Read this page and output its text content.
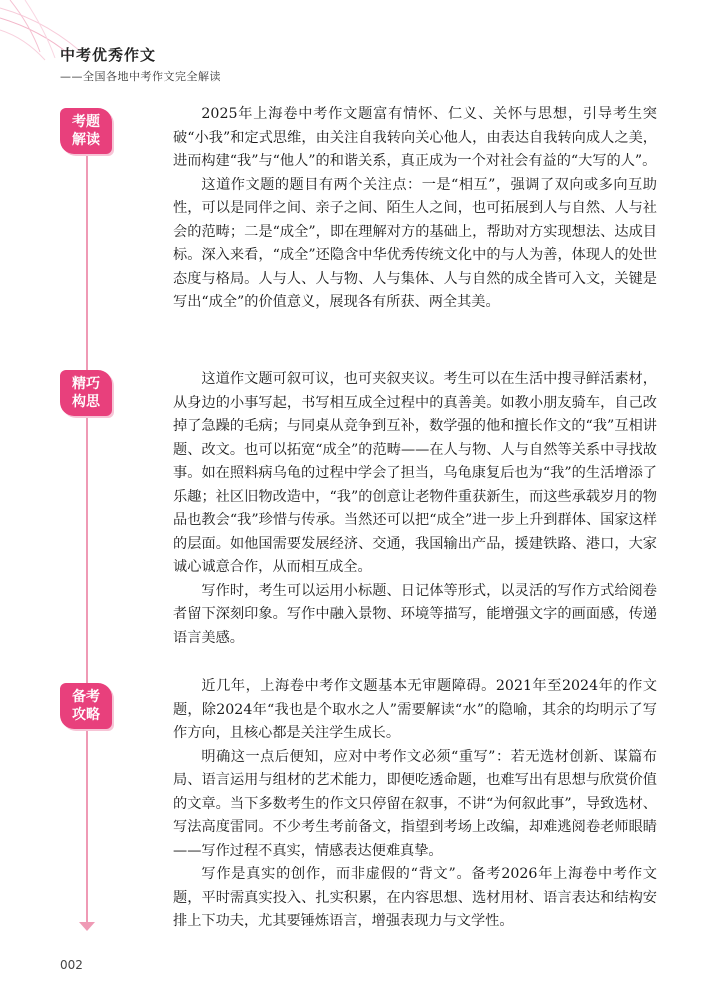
中考优秀作文
——全国各地中考作文完全解读
考题
解读

2025年上海卷中考作文题富有情怀、仁义、关怀与思想，引导考生突破“小我”和定式思维，由关注自我转向关心他人，由表达自我转向成人之美，进而构建“我”与“他人”的和谐关系，真正成为一个对社会有益的“大写的人”。

这道作文题的题目有两个关注点：一是“相互”，强调了双向或多向互助性，可以是同伴之间、亲子之间、陌生人之间，也可拓展到人与自然、人与社会的范畴；二是“成全”，即在理解对方的基础上，帮助对方实现想法、达成目标。深入来看，“成全”还隐含中华优秀传统文化中的与人为善，体现人的处世态度与格局。人与人、人与物、人与集体、人与自然的成全皆可入文，关键是写出“成全”的价值意义，展现各有所获、两全其美。

精巧
构思

这道作文题可叙可议，也可夹叙夹议。考生可以在生活中搜寻鲜活素材，从身边的小事写起，书写相互成全过程中的真善美。如教小朋友骑车，自己改掉了急躁的毛病；与同桌从竞争到互补，数学强的他和擅长作文的“我”互相讲题、改文。也可以拓宽“成全”的范畴——在人与物、人与自然等关系中寻找故事。如在照料病乌龟的过程中学会了担当，乌龟康复后也为“我”的生活增添了乐趣；社区旧物改造中，“我”的创意让老物件重获新生，而这些承载岁月的物品也教会“我”珍惜与传承。当然还可以把“成全”进一步上升到群体、国家这样的层面。如他国需要发展经济、交通，我国输出产品，援建铁路、港口，大家诚心诚意合作，从而相互成全。

写作时，考生可以运用小标题、日记体等形式，以灵活的写作方式给阅卷者留下深刻印象。写作中融入景物、环境等描写，能增强文字的画面感，传递语言美感。

备考
攻略

近几年，上海卷中考作文题基本无审题障碍。2021年至2024年的作文题，除2024年“我也是个取水之人”需要解读“水”的隐喻，其余的均明示了写作方向，且核心都是关注学生成长。

明确这一点后便知，应对中考作文必须“重写”：若无选材创新、谋篇布局、语言运用与组材的艺术能力，即便吃透命题，也难写出有思想与欣赏价值的文章。当下多数考生的作文只停留在叙事，不讲“为何叙此事”，导致选材、写法高度雷同。不少考生考前备文，指望到考场上改编，却难逃阅卷老师眼睛——写作过程不真实，情感表达便难真挚。

写作是真实的创作，而非虚假的“背文”。备考2026年上海卷中考作文题，平时需真实投入、扎实积累，在内容思想、选材用材、语言表达和结构安排上下功夫，尤其要锤炼语言，增强表现力与文学性。

002
